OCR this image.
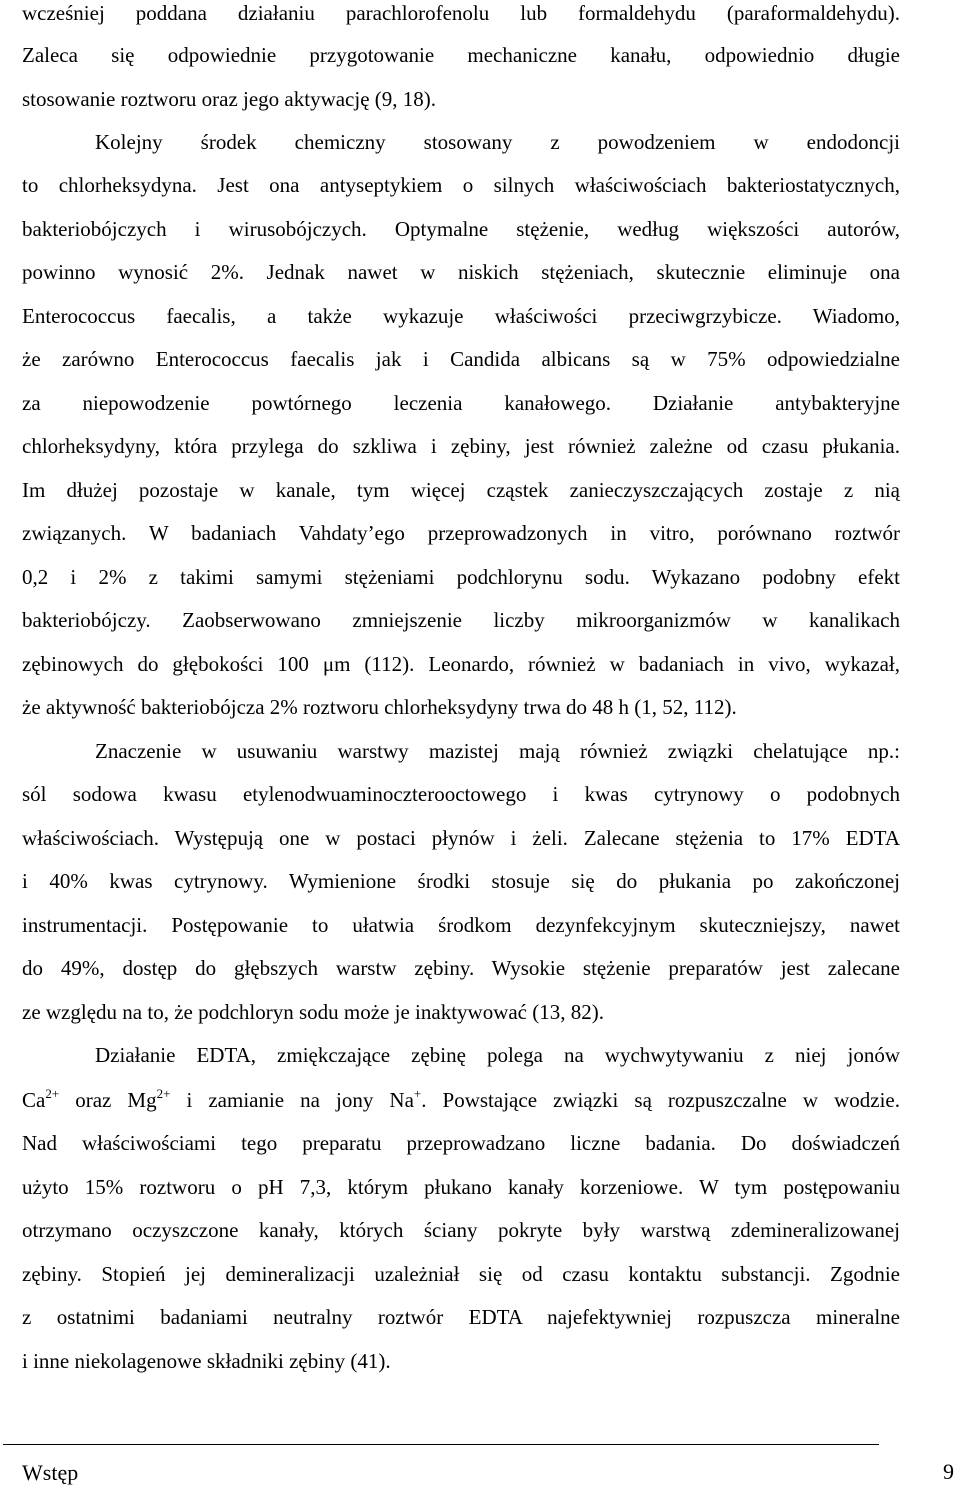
wcześniej poddana działaniu parachlorofenolu lub formaldehydu (paraformaldehydu).
Zaleca się odpowiednie przygotowanie mechaniczne kanału, odpowiednio długie
stosowanie roztworu oraz jego aktywację (9, 18).
Kolejny środek chemiczny stosowany z powodzeniem w endodoncji
to chlorheksydyna. Jest ona antyseptykiem o silnych właściwościach bakteriostatycznych,
bakteriobójczych i wirusobójczych. Optymalne stężenie, według większości autorów,
powinno wynosić 2%. Jednak nawet w niskich stężeniach, skutecznie eliminuje ona
Enterococcus faecalis, a także wykazuje właściwości przeciwgrzybicze. Wiadomo,
że zarówno Enterococcus faecalis jak i Candida albicans są w 75% odpowiedzialne
za niepowodzenie powtórnego leczenia kanałowego. Działanie antybakteryjne
chlorheksydyny, która przylega do szkliwa i zębiny, jest również zależne od czasu płukania.
Im dłużej pozostaje w kanale, tym więcej cząstek zanieczyszczających zostaje z nią
związanych. W badaniach Vahdaty’ego przeprowadzonych in vitro, porównano roztwór
0,2 i 2% z takimi samymi stężeniami podchlorynu sodu. Wykazano podobny efekt
bakteriobójczy. Zaobserwowano zmniejszenie liczby mikroorganizmów w kanalikach
zębinowych do głębokości 100 μm (112). Leonardo, również w badaniach in vivo, wykazał,
że aktywność bakteriobójcza 2% roztworu chlorheksydyny trwa do 48 h (1, 52, 112).
Znaczenie w usuwaniu warstwy mazistej mają również związki chelatujące np.:
sól sodowa kwasu etylenodwuaminoczterooctowego i kwas cytrynowy o podobnych
właściwościach. Występują one w postaci płynów i żeli. Zalecane stężenia to 17% EDTA
i 40% kwas cytrynowy. Wymienione środki stosuje się do płukania po zakończonej
instrumentacji. Postępowanie to ułatwia środkom dezynfekcyjnym skuteczniejszy, nawet
do 49%, dostęp do głębszych warstw zębiny. Wysokie stężenie preparatów jest zalecane
ze względu na to, że podchloryn sodu może je inaktywować (13, 82).
Działanie EDTA, zmiękczające zębinę polega na wychwytywaniu z niej jonów
$Ca^{2+}$ oraz $Mg^{2+}$ i zamianie na jony Na+. Powstające związki są rozpuszczalne w wodzie.
Nad właściwościami tego preparatu przeprowadzano liczne badania. Do doświadczeń
użyto 15% roztworu o pH 7,3, którym płukano kanały korzeniowe. W tym postępowaniu
otrzymano oczyszczone kanały, których ściany pokryte były warstwą zdemineralizowanej
zębiny. Stopień jej demineralizacji uzależniał się od czasu kontaktu substancji. Zgodnie
z ostatnimi badaniami neutralny roztwór EDTA najefektywniej rozpuszcza mineralne
i inne niekolagenowe składniki zębiny (41).
Wstęp	9
